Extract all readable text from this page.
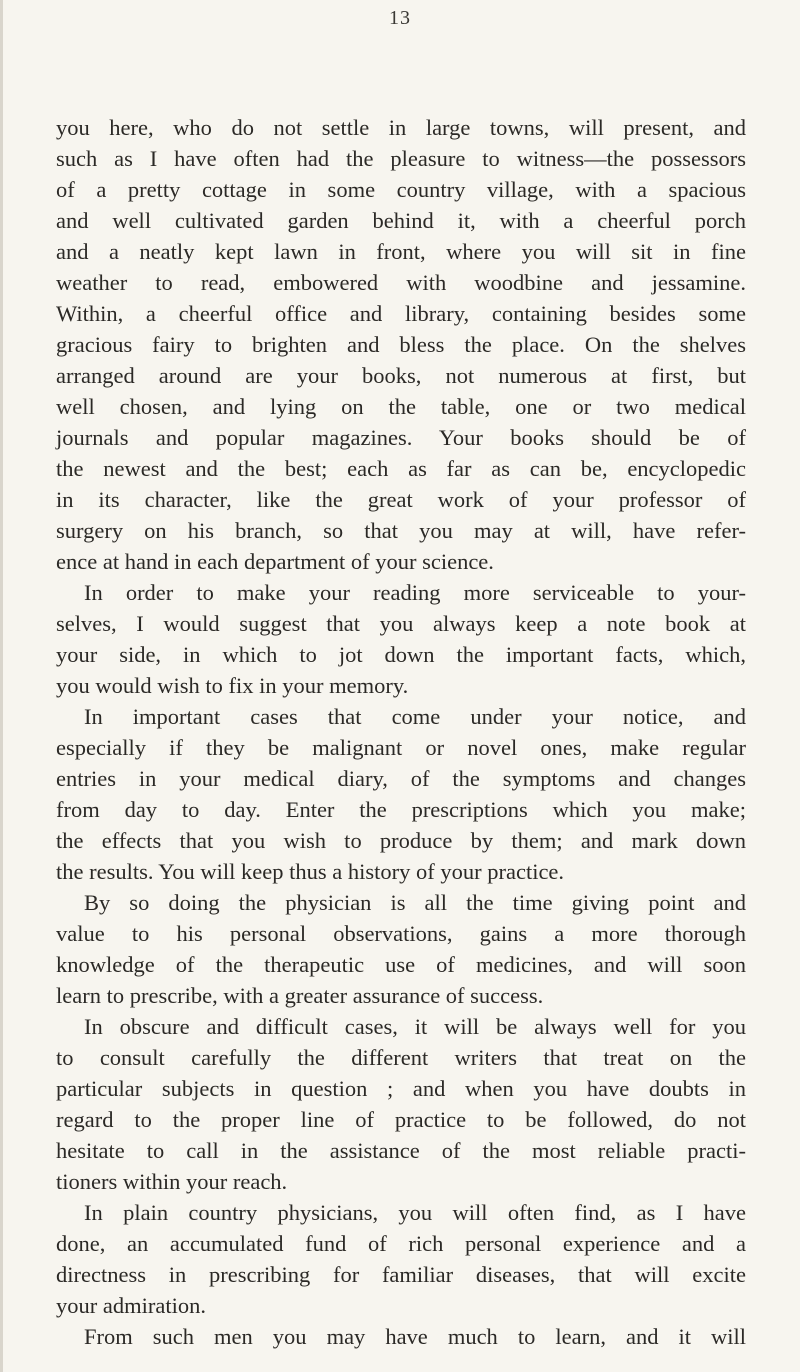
13
you here, who do not settle in large towns, will present, and
such as I have often had the pleasure to witness—the possessors
of a pretty cottage in some country village, with a spacious
and well cultivated garden behind it, with a cheerful porch
and a neatly kept lawn in front, where you will sit in fine
weather to read, embowered with woodbine and jessamine.
Within, a cheerful office and library, containing besides some
gracious fairy to brighten and bless the place. On the shelves
arranged around are your books, not numerous at first, but
well chosen, and lying on the table, one or two medical
journals and popular magazines. Your books should be of
the newest and the best; each as far as can be, encyclopedic
in its character, like the great work of your professor of
surgery on his branch, so that you may at will, have refer-
ence at hand in each department of your science.
In order to make your reading more serviceable to your-
selves, I would suggest that you always keep a note book at
your side, in which to jot down the important facts, which,
you would wish to fix in your memory.
In important cases that come under your notice, and
especially if they be malignant or novel ones, make regular
entries in your medical diary, of the symptoms and changes
from day to day. Enter the prescriptions which you make;
the effects that you wish to produce by them; and mark down
the results. You will keep thus a history of your practice.
By so doing the physician is all the time giving point and
value to his personal observations, gains a more thorough
knowledge of the therapeutic use of medicines, and will soon
learn to prescribe, with a greater assurance of success.
In obscure and difficult cases, it will be always well for you
to consult carefully the different writers that treat on the
particular subjects in question ; and when you have doubts in
regard to the proper line of practice to be followed, do not
hesitate to call in the assistance of the most reliable practi-
tioners within your reach.
In plain country physicians, you will often find, as I have
done, an accumulated fund of rich personal experience and a
directness in prescribing for familiar diseases, that will excite
your admiration.
From such men you may have much to learn, and it will
